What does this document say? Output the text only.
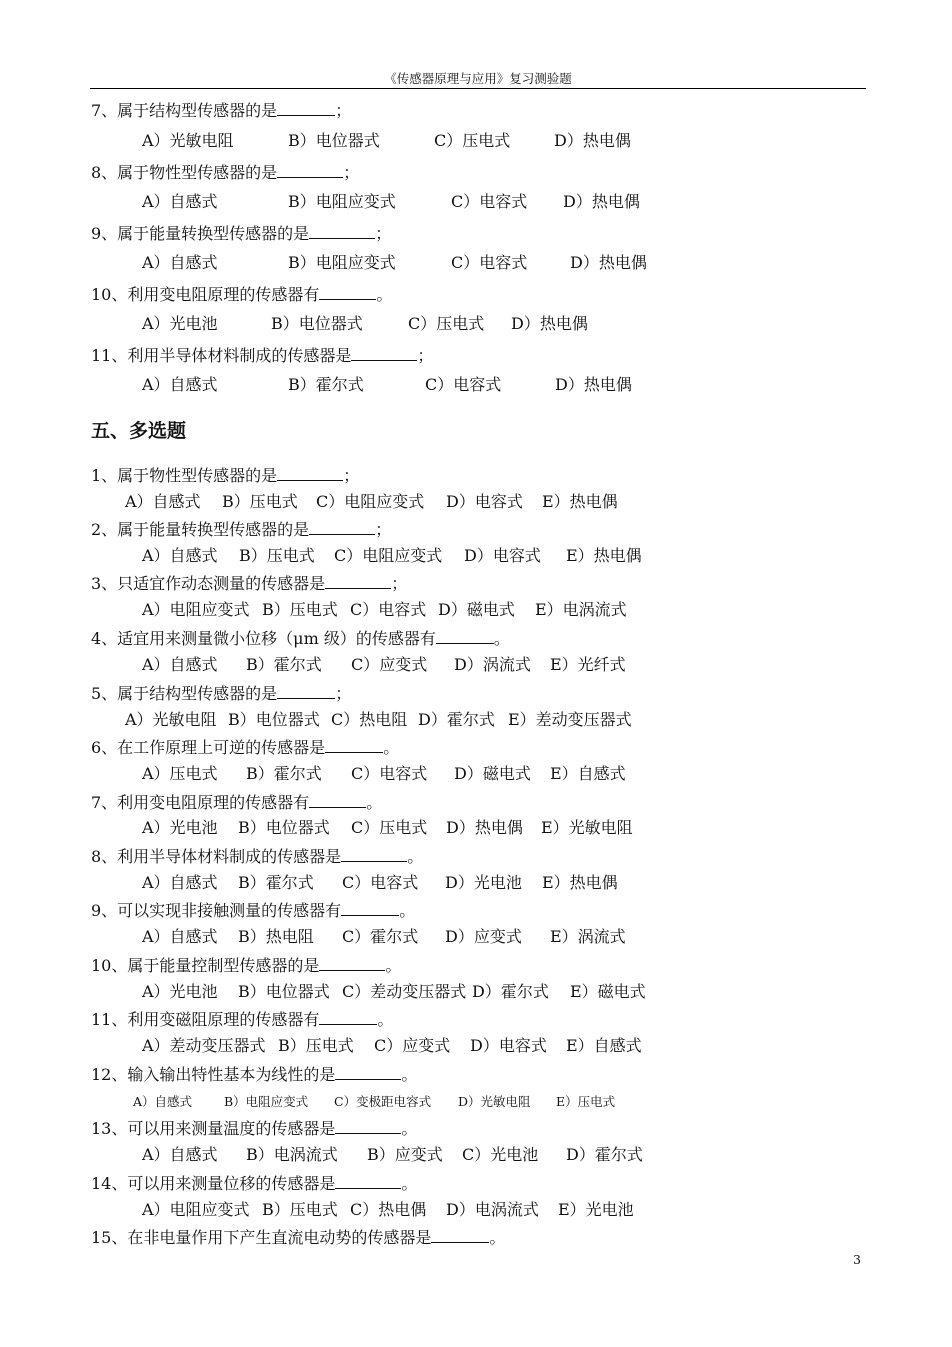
《传感器原理与应用》复习测验题
7、属于结构型传感器的是	；
A）光敏电阻	B）电位器式	C）压电式	D）热电偶
8、属于物性型传感器的是	；
A）自感式	B）电阻应变式	C）电容式 D）热电偶
9、属于能量转换型传感器的是	；
A）自感式	B）电阻应变式	C）电容式	D）热电偶
10、利用变电阻原理的传感器有	。
A）光电池	B）电位器式	C）压电式 D）热电偶
11、利用半导体材料制成的传感器是	；
A）自感式	B）霍尔式	C）电容式	D）热电偶
五、多选题
1、属于物性型传感器的是	；
A）自感式 B）压电式 C）电阻应变式 D）电容式 E）热电偶
2、属于能量转换型传感器的是	；
A）自感式 B）压电式 C）电阻应变式 D）电容式 E）热电偶
3、只适宜作动态测量的传感器是	；
A）电阻应变式 B）压电式 C）电容式 D）磁电式 E）电涡流式
4、适宜用来测量微小位移（μm 级）的传感器有	。
A）自感式 B）霍尔式 C）应变式 D）涡流式 E）光纤式
5、属于结构型传感器的是	；
A）光敏电阻 B）电位器式 C）热电阻 D）霍尔式 E）差动变压器式
6、在工作原理上可逆的传感器是	。
A）压电式 B）霍尔式 C）电容式 D）磁电式 E）自感式
7、利用变电阻原理的传感器有	。
A）光电池 B）电位器式 C）压电式 D）热电偶 E）光敏电阻
8、利用半导体材料制成的传感器是	。
A）自感式 B）霍尔式 C）电容式 D）光电池 E）热电偶
9、可以实现非接触测量的传感器有	。
A）自感式 B）热电阻 C）霍尔式 D）应变式 E）涡流式
10、属于能量控制型传感器的是	。
A）光电池 B）电位器式 C）差动变压器式 D）霍尔式 E）磁电式
11、利用变磁阻原理的传感器有	。
A）差动变压器式 B）压电式 C）应变式 D）电容式 E）自感式
12、输入输出特性基本为线性的是	。
A）自感式	B）电阻应变式 C）变极距电容式 D）光敏电阻 E）压电式
13、可以用来测量温度的传感器是	。
A）自感式 B）电涡流式 B）应变式 C）光电池 D）霍尔式
14、可以用来测量位移的传感器是	。
A）电阻应变式 B）压电式 C）热电偶 D）电涡流式 E）光电池
15、在非电量作用下产生直流电动势的传感器是	。
3
